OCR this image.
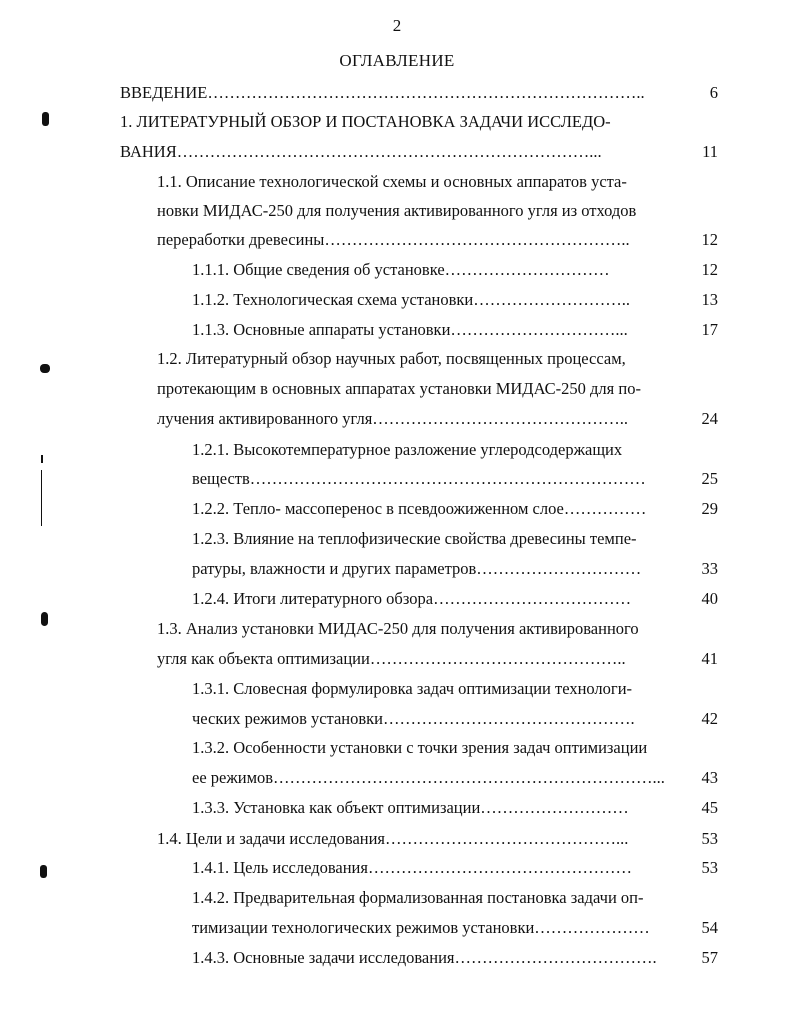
2
ОГЛАВЛЕНИЕ
ВВЕДЕНИЕ……………………………………………………………………..	6
1. ЛИТЕРАТУРНЫЙ ОБЗОР И ПОСТАНОВКА ЗАДАЧИ ИССЛЕДО-
ВАНИЯ…………………………………………………………………...	11
1.1. Описание технологической схемы и основных аппаратов уста-
новки МИДАС-250 для получения активированного угля из отходов
переработки древесины………………………………………………..	12
1.1.1. Общие сведения об установке…………………………	12
1.1.2. Технологическая схема установки………………………..	13
1.1.3. Основные аппараты установки…………………………...	17
1.2. Литературный обзор научных работ, посвященных процессам,
протекающим в основных аппаратах установки МИДАС-250 для по-
лучения активированного угля………………………………………..	24
1.2.1. Высокотемпературное разложение углеродсодержащих
веществ………………………………………………………………	25
1.2.2. Тепло- массоперенос в псевдоожиженном слое……………	29
1.2.3. Влияние на теплофизические свойства древесины темпе-
ратуры, влажности и других параметров…………………………	33
1.2.4. Итоги литературного обзора………………………………	40
1.3. Анализ установки МИДАС-250 для получения активированного
угля как объекта оптимизации………………………………………..	41
1.3.1. Словесная формулировка задач оптимизации технологи-
ческих режимов установки……………………………………….	42
1.3.2. Особенности установки с точки зрения задач оптимизации
ее режимов……………………………………………………………...	43
1.3.3. Установка как объект оптимизации………………………	45
1.4. Цели и задачи исследования……………………………………...	53
1.4.1. Цель исследования…………………………………………	53
1.4.2. Предварительная формализованная постановка задачи оп-
тимизации технологических режимов установки…………………	54
1.4.3. Основные задачи исследования……………………………….	57
